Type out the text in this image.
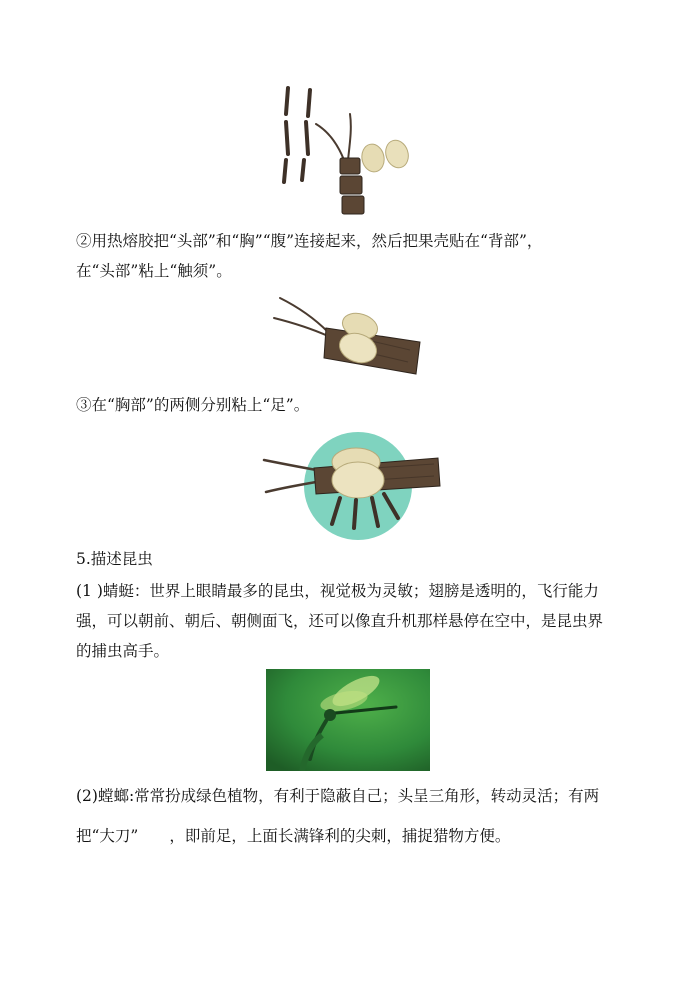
②用热熔胶把“头部”和“胸”“腹”连接起来，然后把果壳贴在“背部”，
在“头部”粘上“触须”。

③在“胸部”的两侧分别粘上“足”。

5.描述昆虫

(1 )蜻蜓：世界上眼睛最多的昆虫，视觉极为灵敏；翅膀是透明的，飞行能力
强，可以朝前、朝后、朝侧面飞，还可以像直升机那样悬停在空中，是昆虫界
的捕虫高手。

(2)螳螂:常常扮成绿色植物，有利于隐蔽自己；头呈三角形，转动灵活；有两
把“大刀”　　，即前足，上面长满锋利的尖刺，捕捉猎物方便。
